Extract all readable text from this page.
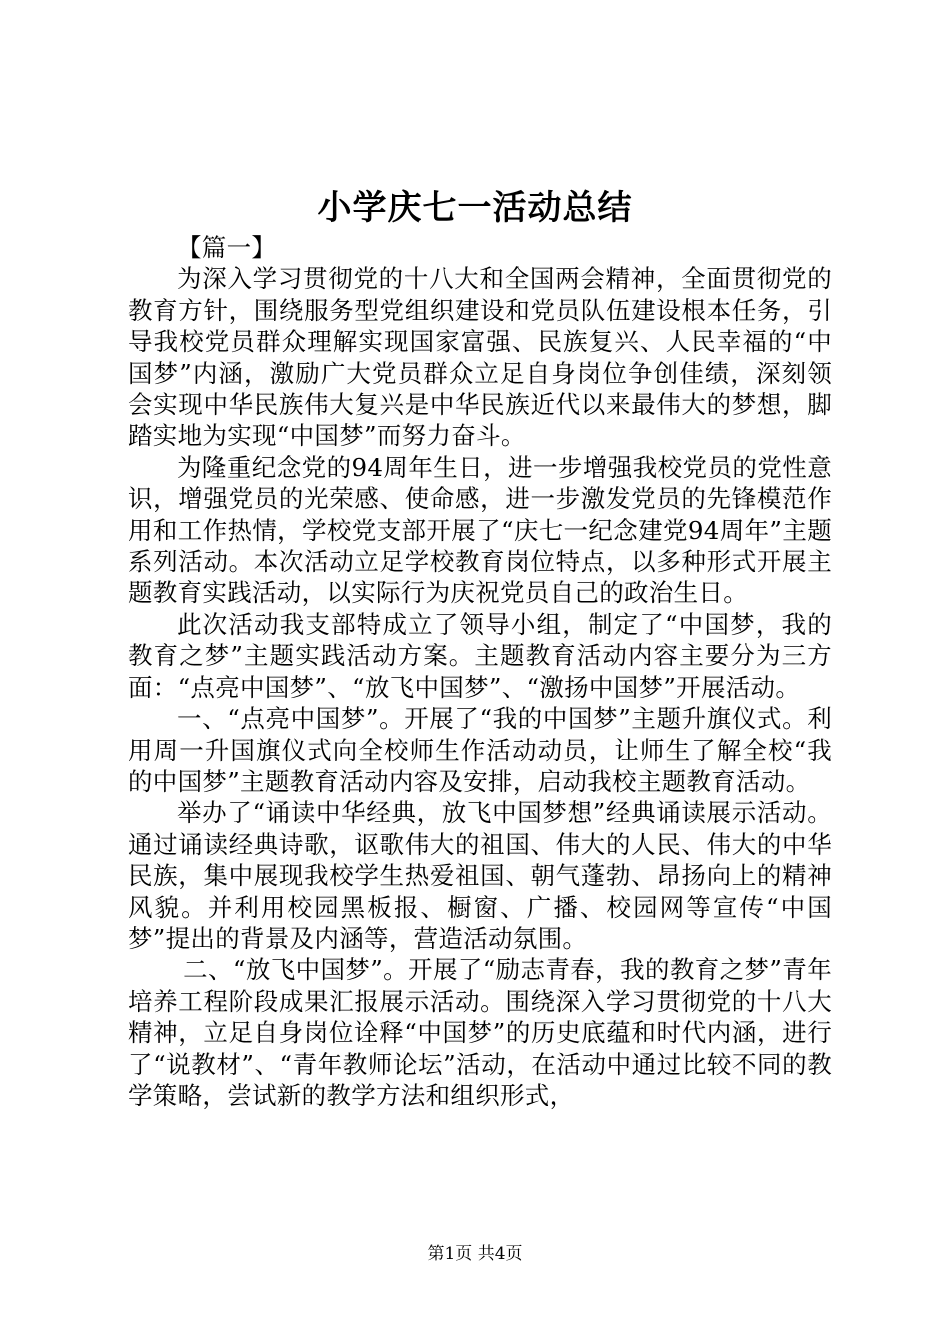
小学庆七一活动总结

【篇一】

为深入学习贯彻党的十八大和全国两会精神，全面贯彻党的教育方针，围绕服务型党组织建设和党员队伍建设根本任务，引导我校党员群众理解实现国家富强、民族复兴、人民幸福的“中国梦”内涵，激励广大党员群众立足自身岗位争创佳绩，深刻领会实现中华民族伟大复兴是中华民族近代以来最伟大的梦想，脚踏实地为实现“中国梦”而努力奋斗。

为隆重纪念党的94周年生日，进一步增强我校党员的党性意识，增强党员的光荣感、使命感，进一步激发党员的先锋模范作用和工作热情，学校党支部开展了“庆七一纪念建党94周年”主题系列活动。本次活动立足学校教育岗位特点，以多种形式开展主题教育实践活动，以实际行为庆祝党员自己的政治生日。

此次活动我支部特成立了领导小组，制定了“中国梦，我的教育之梦”主题实践活动方案。主题教育活动内容主要分为三方面：“点亮中国梦”、“放飞中国梦”、“激扬中国梦”开展活动。

一、“点亮中国梦”。开展了“我的中国梦”主题升旗仪式。利用周一升国旗仪式向全校师生作活动动员，让师生了解全校“我的中国梦”主题教育活动内容及安排，启动我校主题教育活动。

举办了“诵读中华经典，放飞中国梦想”经典诵读展示活动。通过诵读经典诗歌，讴歌伟大的祖国、伟大的人民、伟大的中华民族，集中展现我校学生热爱祖国、朝气蓬勃、昂扬向上的精神风貌。并利用校园黑板报、橱窗、广播、校园网等宣传“中国梦”提出的背景及内涵等，营造活动氛围。

二、“放飞中国梦”。开展了“励志青春，我的教育之梦”青年培养工程阶段成果汇报展示活动。围绕深入学习贯彻党的十八大精神，立足自身岗位诠释“中国梦”的历史底蕴和时代内涵，进行了“说教材”、“青年教师论坛”活动，在活动中通过比较不同的教学策略，尝试新的教学方法和组织形式，

第1页 共4页
